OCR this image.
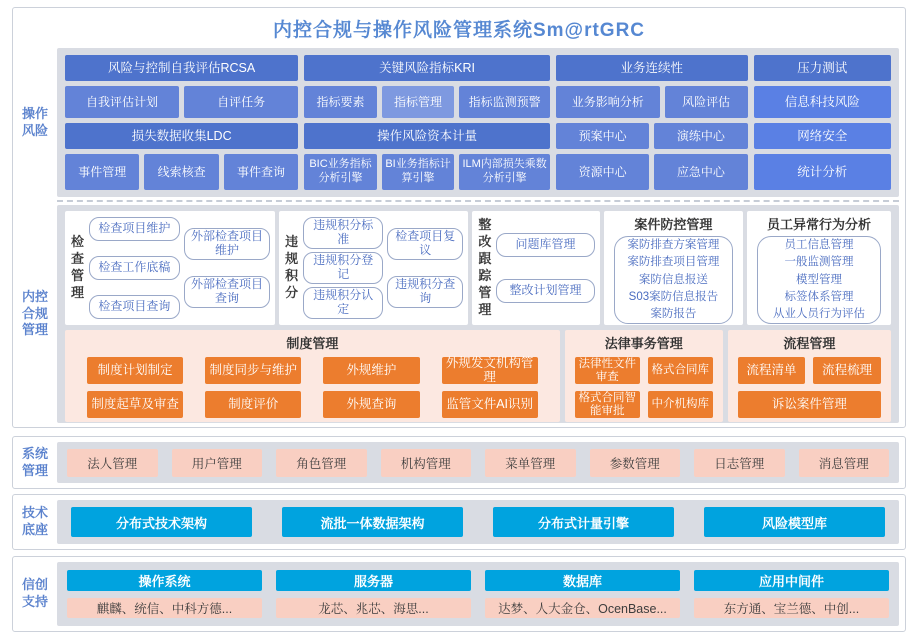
内控合规与操作风险管理系统Sm@rtGRC
操作风险
风险与控制自我评估RCSA
自我评估计划	自评任务
损失数据收集LDC
事件管理	线索核查	事件查询
关键风险指标KRI
指标要素	指标管理	指标监测预警
操作风险资本计量
BIC业务指标分析引擎
BI业务指标计算引擎
ILM内部损失乘数分析引擎
业务连续性
业务影响分析	风险评估
预案中心	演练中心
资源中心	应急中心
压力测试
信息科技风险
网络安全
统计分析
内控合规管理
检查管理
检查项目维护
检查工作底稿
检查项目查询
外部检查项目维护
外部检查项目查询
违规积分
违规积分标准
违规积分登记
违规积分认定
检查项目复议
违规积分查询
整改跟踪管理
问题库管理
整改计划管理
案件防控管理
案防排查方案管理
案防排查项目管理
案防信息报送
S03案防信息报告
案防报告
员工异常行为分析
员工信息管理
一般监测管理
模型管理
标签体系管理
从业人员行为评估
制度管理
制度计划制定	制度同步与维护	外规维护	外规发文机构管理
制度起草及审查	制度评价	外规查询	监管文件AI识别
法律事务管理
法律性文件审查
格式合同库
格式合同智能审批
中介机构库
流程管理
流程清单	流程梳理
诉讼案件管理
系统管理	法人管理	用户管理	角色管理	机构管理	菜单管理	参数管理	日志管理	消息管理
技术底座	分布式技术架构	流批一体数据架构	分布式计量引擎	风险模型库
信创支持
操作系统
麒麟、统信、中科方德...
服务器
龙芯、兆芯、海思...
数据库
达梦、人大金仓、OcenBase...
应用中间件
东方通、宝兰德、中创...
